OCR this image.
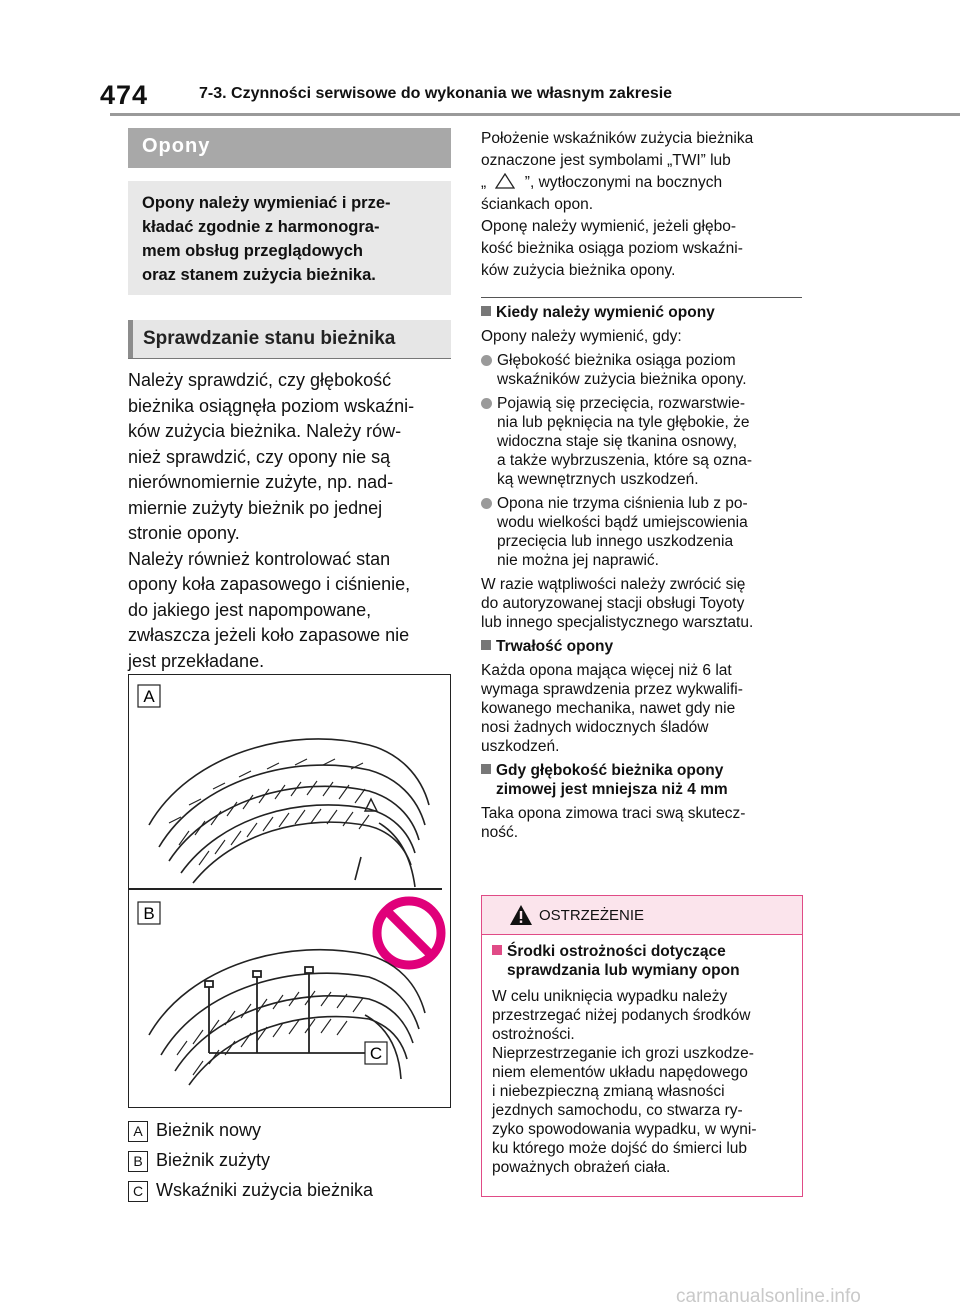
474	7-3. Czynności serwisowe do wykonania we własnym zakresie
Opony
Opony należy wymieniać i prze-
kładać zgodnie z harmonogra-
mem obsług przeglądowych
oraz stanem zużycia bieżnika.
Sprawdzanie stanu bieżnika

Należy sprawdzić, czy głębokość
bieżnika osiągnęła poziom wskaźni-
ków zużycia bieżnika. Należy rów-
nież sprawdzić, czy opony nie są
nierównomiernie zużyte, np. nad-
miernie zużyty bieżnik po jednej
stronie opony.
Należy również kontrolować stan
opony koła zapasowego i ciśnienie,
do jakiego jest napompowane,
zwłaszcza jeżeli koło zapasowe nie
jest przekładane.

A
B
C
A Bieżnik nowy
B Bieżnik zużyty
C Wskaźniki zużycia bieżnika

Położenie wskaźników zużycia bieżnika
oznaczone jest symbolami „TWI” lub
„ ”, wytłoczonymi na bocznych
ściankach opon.
Oponę należy wymienić, jeżeli głębo-
kość bieżnika osiąga poziom wskaźni-
ków zużycia bieżnika opony.

Kiedy należy wymienić opony

Opony należy wymienić, gdy:

Głębokość bieżnika osiąga poziom
wskaźników zużycia bieżnika opony.
Pojawią się przecięcia, rozwarstwie-
nia lub pęknięcia na tyle głębokie, że
widoczna staje się tkanina osnowy,
a także wybrzuszenia, które są ozna-
ką wewnętrznych uszkodzeń.
Opona nie trzyma ciśnienia lub z po-
wodu wielkości bądź umiejscowienia
przecięcia lub innego uszkodzenia
nie można jej naprawić.

W razie wątpliwości należy zwrócić się
do autoryzowanej stacji obsługi Toyoty
lub innego specjalistycznego warsztatu.

Trwałość opony

Każda opona mająca więcej niż 6 lat
wymaga sprawdzenia przez wykwalifi-
kowanego mechanika, nawet gdy nie
nosi żadnych widocznych śladów
uszkodzeń.

Gdy głębokość bieżnika opony
zimowej jest mniejsza niż 4 mm

Taka opona zimowa traci swą skutecz-
ność.

OSTRZEŻENIE

Środki ostrożności dotyczące
sprawdzania lub wymiany opon

W celu uniknięcia wypadku należy
przestrzegać niżej podanych środków
ostrożności.
Nieprzestrzeganie ich grozi uszkodze-
niem elementów układu napędowego
i niebezpieczną zmianą własności
jezdnych samochodu, co stwarza ry-
zyko spowodowania wypadku, w wyni-
ku którego może dojść do śmierci lub
poważnych obrażeń ciała.

carmanualsonline.info
